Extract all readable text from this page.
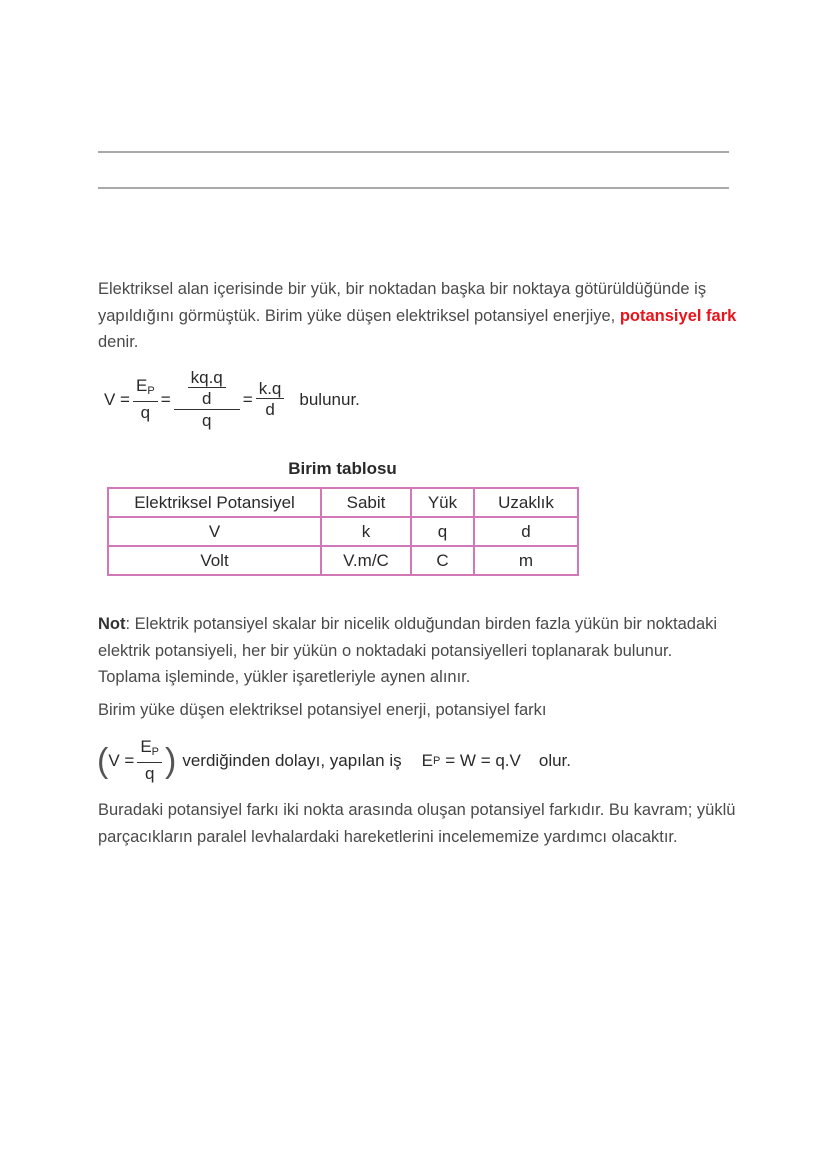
Elektriksel alan içerisinde bir yük, bir noktadan başka bir noktaya götürüldüğünde iş yapıldığını görmüştük. Birim yüke düşen elektriksel potansiyel enerjiye, potansiyel fark denir.

$V = \frac{E_P}{q} = \frac{\frac{kq.q}{d}}{q} = \frac{k.q}{d}$ bulunur.
Birim tablosu
Elektriksel Potansiyel	Sabit	Yük	Uzaklık
V	k	q	d
Volt	V.m/C	C	m

Not: Elektrik potansiyel skalar bir nicelik olduğundan birden fazla yükün bir noktadaki elektrik potansiyeli, her bir yükün o noktadaki potansiyelleri toplanarak bulunur. Toplama işleminde, yükler işaretleriyle aynen alınır.

Birim yüke düşen elektriksel potansiyel enerji, potansiyel farkı

( $V = \frac{E_P}{q}$ ) verdiğinden dolayı, yapılan iş E P = W = q.V olur.

Buradaki potansiyel farkı iki nokta arasında oluşan potansiyel farkıdır. Bu kavram; yüklü parçacıkların paralel levhalardaki hareketlerini incelememize yardımcı olacaktır.
